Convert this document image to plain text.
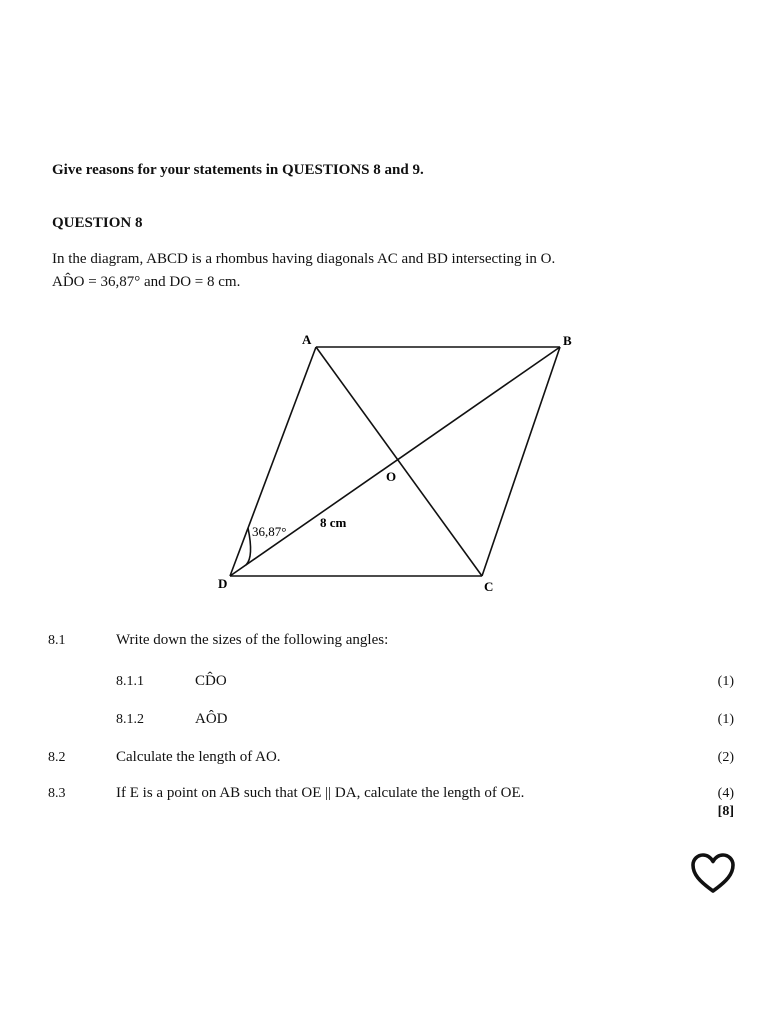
Give reasons for your statements in QUESTIONS 8 and 9.
QUESTION 8
In the diagram, ABCD is a rhombus having diagonals AC and BD intersecting in O.
AD̂O = 36,87° and DO = 8 cm.
A	B
C
D
O
36,87°
8 cm
8.1	Write down the sizes of the following angles:
8.1.1	CD̂O	(1)
8.1.2	AÔD	(1)
8.2	Calculate the length of AO.	(2)
8.3	If E is a point on AB such that OE || DA, calculate the length of OE.	(4)
[8]
